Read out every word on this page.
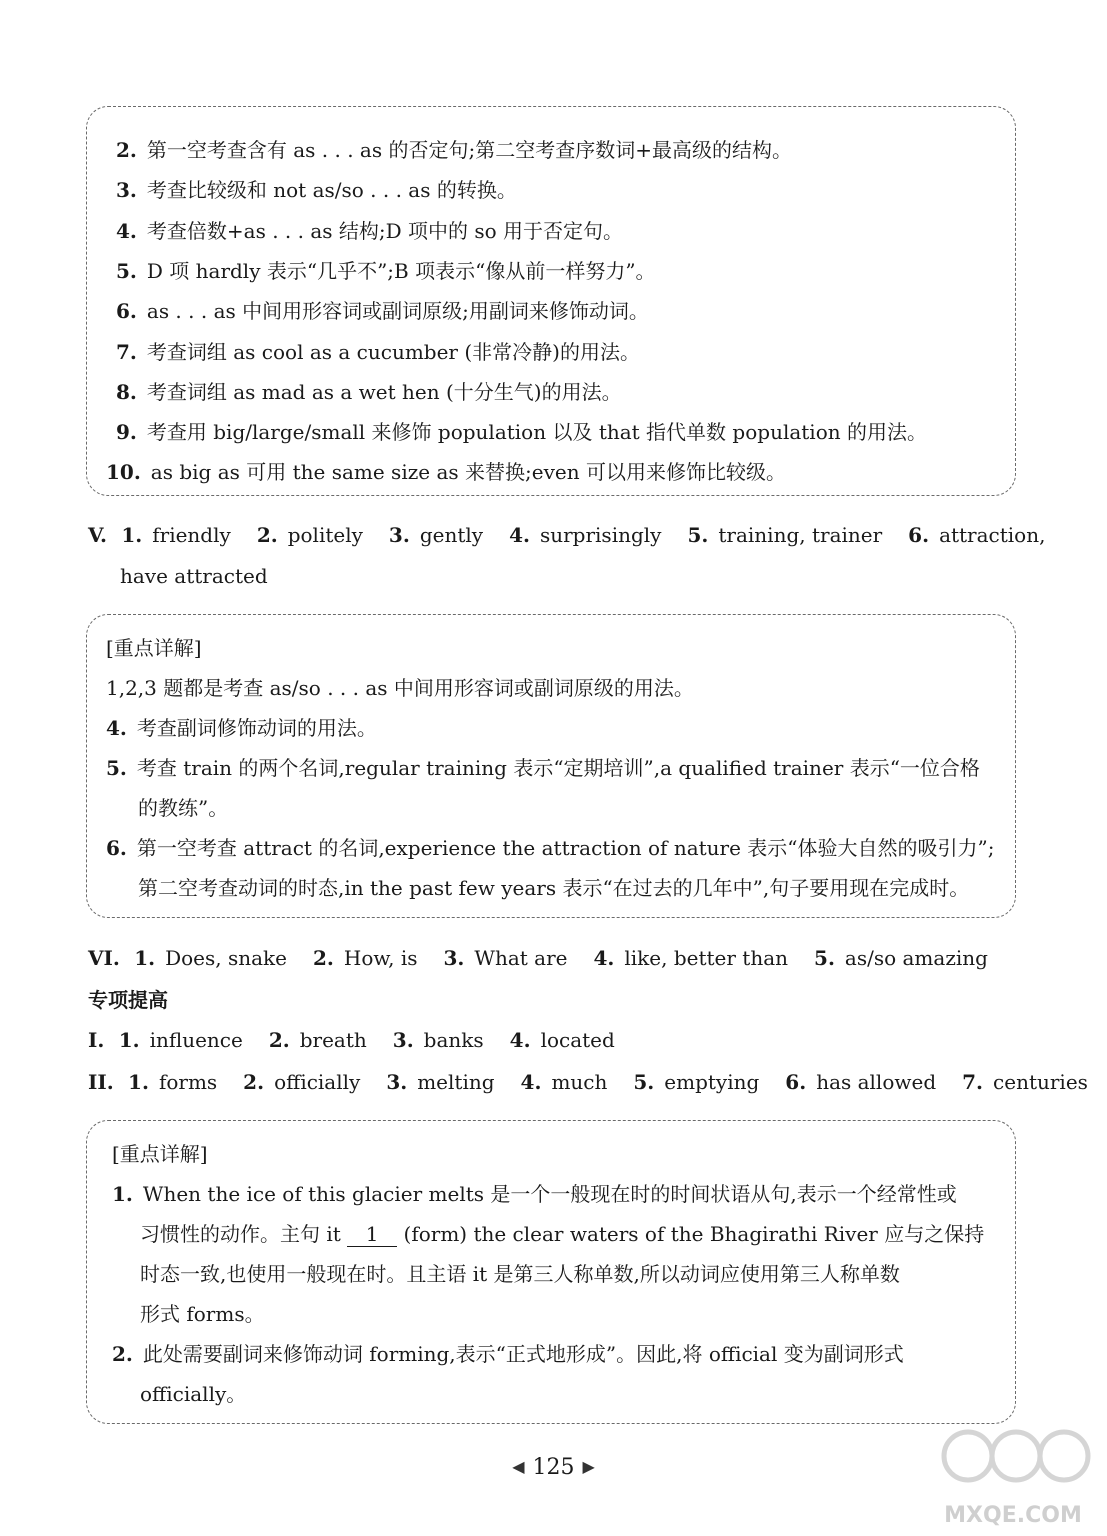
2. 第一空考查含有 as . . . as 的否定句;第二空考查序数词+最高级的结构。
3. 考查比较级和 not as/so . . . as 的转换。
4. 考查倍数+as . . . as 结构;D 项中的 so 用于否定句。
5. D 项 hardly 表示“几乎不”;B 项表示“像从前一样努力”。
6. as . . . as 中间用形容词或副词原级;用副词来修饰动词。
7. 考查词组 as cool as a cucumber (非常冷静)的用法。
8. 考查词组 as mad as a wet hen (十分生气)的用法。
9. 考查用 big/large/small 来修饰 population 以及 that 指代单数 population 的用法。
10. as big as 可用 the same size as 来替换;even 可以用来修饰比较级。
V. 1. friendly 2. politely 3. gently 4. surprisingly 5. training, trainer 6. attraction,
have attracted
[重点详解]
1,2,3 题都是考查 as/so . . . as 中间用形容词或副词原级的用法。
4. 考查副词修饰动词的用法。
5. 考查 train 的两个名词,regular training 表示“定期培训”,a qualified trainer 表示“一位合格
的教练”。
6. 第一空考查 attract 的名词,experience the attraction of nature 表示“体验大自然的吸引力”;
第二空考查动词的时态,in the past few years 表示“在过去的几年中”,句子要用现在完成时。
VI. 1. Does, snake 2. How, is 3. What are 4. like, better than 5. as/so amazing
专项提高
I. 1. influence 2. breath 3. banks 4. located
II. 1. forms 2. officially 3. melting 4. much 5. emptying 6. has allowed 7. centuries
[重点详解]
1. When the ice of this glacier melts 是一个一般现在时的时间状语从句,表示一个经常性或
习惯性的动作。主句 it 1 (form) the clear waters of the Bhagirathi River 应与之保持
时态一致,也使用一般现在时。且主语 it 是第三人称单数,所以动词应使用第三人称单数
形式 forms。
2. 此处需要副词来修饰动词 forming,表示“正式地形成”。因此,将 official 变为副词形式
officially。
◀ 125 ▶
MXQE.COM
